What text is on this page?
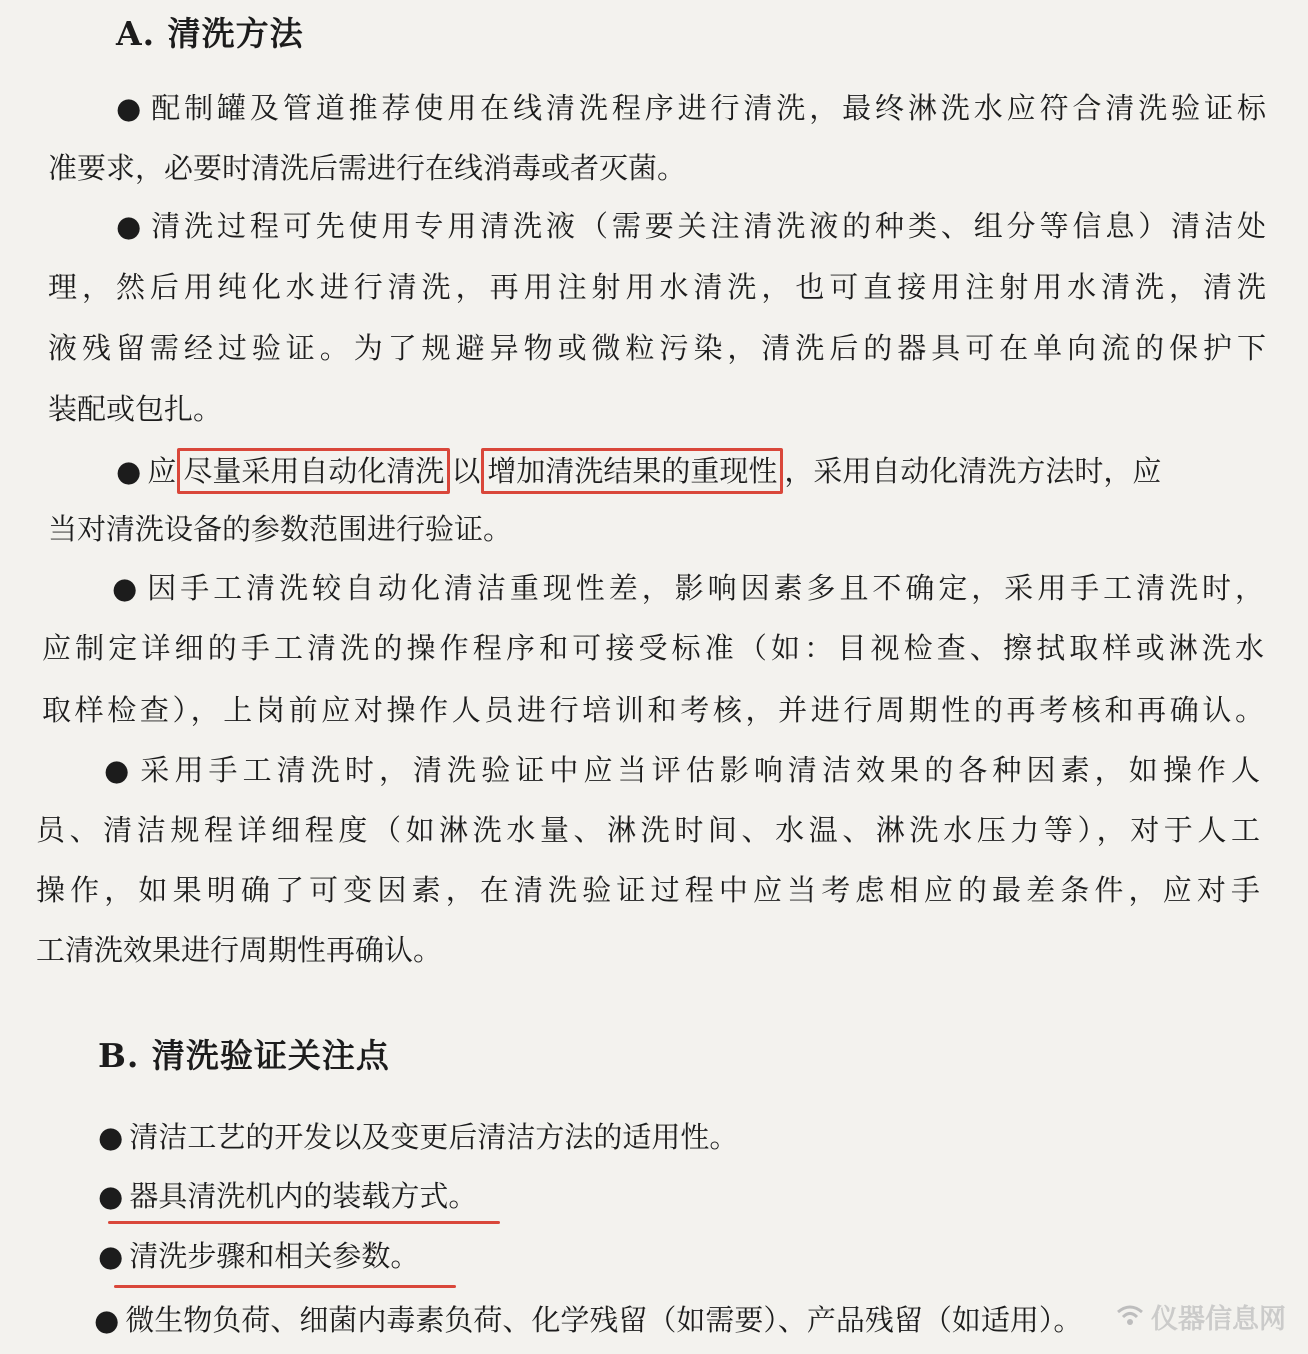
A. 清洗方法
● 配制罐及管道推荐使用在线清洗程序进行清洗，最终淋洗水应符合清洗验证标
准要求，必要时清洗后需进行在线消毒或者灭菌。
● 清洗过程可先使用专用清洗液（需要关注清洗液的种类、组分等信息）清洁处
理，然后用纯化水进行清洗，再用注射用水清洗，也可直接用注射用水清洗，清洗
液残留需经过验证。为了规避异物或微粒污染，清洗后的器具可在单向流的保护下
装配或包扎。
● 应 尽量采用自动化清洗 以 增加清洗结果的重现性 ，采用自动化清洗方法时，应
当对清洗设备的参数范围进行验证。
● 因手工清洗较自动化清洁重现性差，影响因素多且不确定，采用手工清洗时，
应制定详细的手工清洗的操作程序和可接受标准（如：目视检查、擦拭取样或淋洗水
取样检查），上岗前应对操作人员进行培训和考核，并进行周期性的再考核和再确认。
● 采用手工清洗时，清洗验证中应当评估影响清洁效果的各种因素，如操作人
员、清洁规程详细程度（如淋洗水量、淋洗时间、水温、淋洗水压力等），对于人工
操作，如果明确了可变因素，在清洗验证过程中应当考虑相应的最差条件，应对手
工清洗效果进行周期性再确认。
B. 清洗验证关注点
● 清洁工艺的开发以及变更后清洁方法的适用性。
● 器具清洗机内的装载方式。
● 清洗步骤和相关参数。
● 微生物负荷、细菌内毒素负荷、化学残留（如需要）、产品残留（如适用）。	仪器信息网
